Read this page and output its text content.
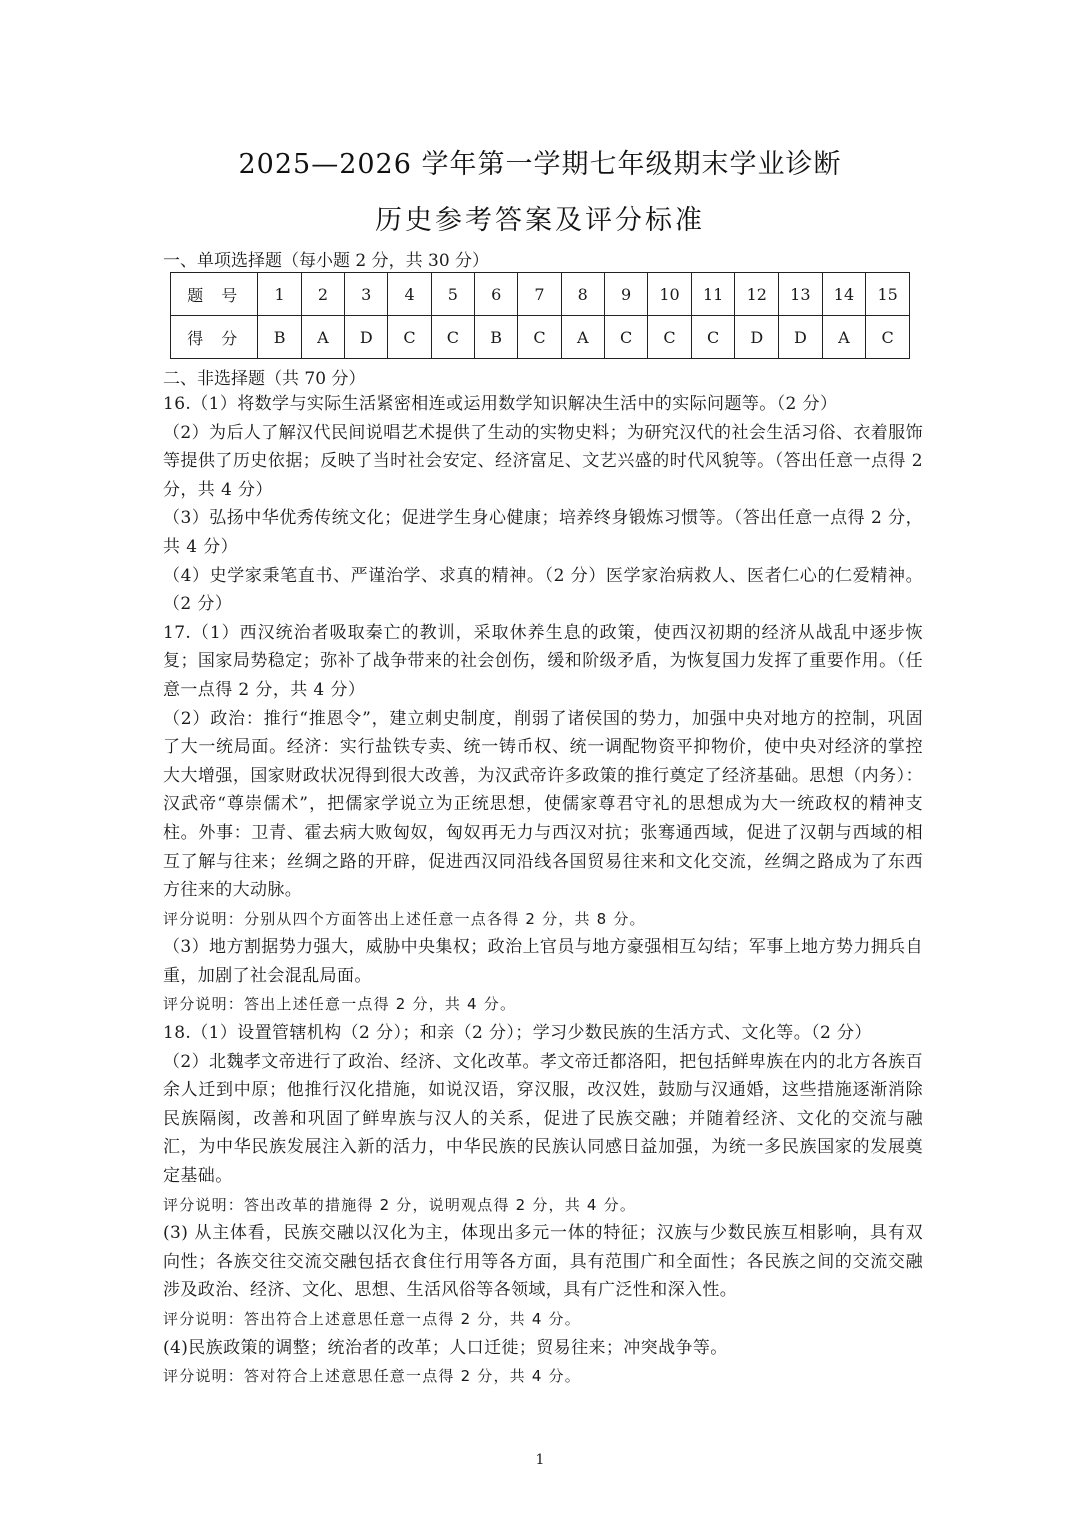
2025—2026 学年第一学期七年级期末学业诊断
历史参考答案及评分标准
一、单项选择题（每小题 2 分，共 30 分）
题号	1	2	3	4	5	6	7	8	9	10	11	12	13	14	15
得分	B	A	D	C	C	B	C	A	C	C	C	D	D	A	C
二、非选择题（共 70 分）

16.（1）将数学与实际生活紧密相连或运用数学知识解决生活中的实际问题等。（2 分）

（2）为后人了解汉代民间说唱艺术提供了生动的实物史料；为研究汉代的社会生活习俗、衣着服饰等提供了历史依据；反映了当时社会安定、经济富足、文艺兴盛的时代风貌等。（答出任意一点得 2 分，共 4 分）

（3）弘扬中华优秀传统文化；促进学生身心健康；培养终身锻炼习惯等。（答出任意一点得 2 分，共 4 分）

（4）史学家秉笔直书、严谨治学、求真的精神。（2 分）医学家治病救人、医者仁心的仁爱精神。（2 分）

17.（1）西汉统治者吸取秦亡的教训，采取休养生息的政策，使西汉初期的经济从战乱中逐步恢复；国家局势稳定；弥补了战争带来的社会创伤，缓和阶级矛盾，为恢复国力发挥了重要作用。（任意一点得 2 分，共 4 分）

（2）政治：推行“推恩令”，建立刺史制度，削弱了诸侯国的势力，加强中央对地方的控制，巩固了大一统局面。经济：实行盐铁专卖、统一铸币权、统一调配物资平抑物价，使中央对经济的掌控大大增强，国家财政状况得到很大改善，为汉武帝许多政策的推行奠定了经济基础。思想（内务）：汉武帝“尊崇儒术”，把儒家学说立为正统思想，使儒家尊君守礼的思想成为大一统政权的精神支柱。外事：卫青、霍去病大败匈奴，匈奴再无力与西汉对抗；张骞通西域，促进了汉朝与西域的相互了解与往来；丝绸之路的开辟，促进西汉同沿线各国贸易往来和文化交流，丝绸之路成为了东西方往来的大动脉。

评分说明：分别从四个方面答出上述任意一点各得 2 分，共 8 分。

（3）地方割据势力强大，威胁中央集权；政治上官员与地方豪强相互勾结；军事上地方势力拥兵自重，加剧了社会混乱局面。

评分说明：答出上述任意一点得 2 分，共 4 分。

18.（1）设置管辖机构（2 分）；和亲（2 分）；学习少数民族的生活方式、文化等。（2 分）

（2）北魏孝文帝进行了政治、经济、文化改革。孝文帝迁都洛阳，把包括鲜卑族在内的北方各族百余人迁到中原；他推行汉化措施，如说汉语，穿汉服，改汉姓，鼓励与汉通婚，这些措施逐渐消除民族隔阂，改善和巩固了鲜卑族与汉人的关系，促进了民族交融；并随着经济、文化的交流与融汇，为中华民族发展注入新的活力，中华民族的民族认同感日益加强，为统一多民族国家的发展奠定基础。

评分说明：答出改革的措施得 2 分，说明观点得 2 分，共 4 分。

(3) 从主体看，民族交融以汉化为主，体现出多元一体的特征；汉族与少数民族互相影响，具有双向性；各族交往交流交融包括衣食住行用等各方面，具有范围广和全面性；各民族之间的交流交融涉及政治、经济、文化、思想、生活风俗等各领域，具有广泛性和深入性。

评分说明：答出符合上述意思任意一点得 2 分，共 4 分。

(4)民族政策的调整；统治者的改革；人口迁徙；贸易往来；冲突战争等。

评分说明：答对符合上述意思任意一点得 2 分，共 4 分。

1
